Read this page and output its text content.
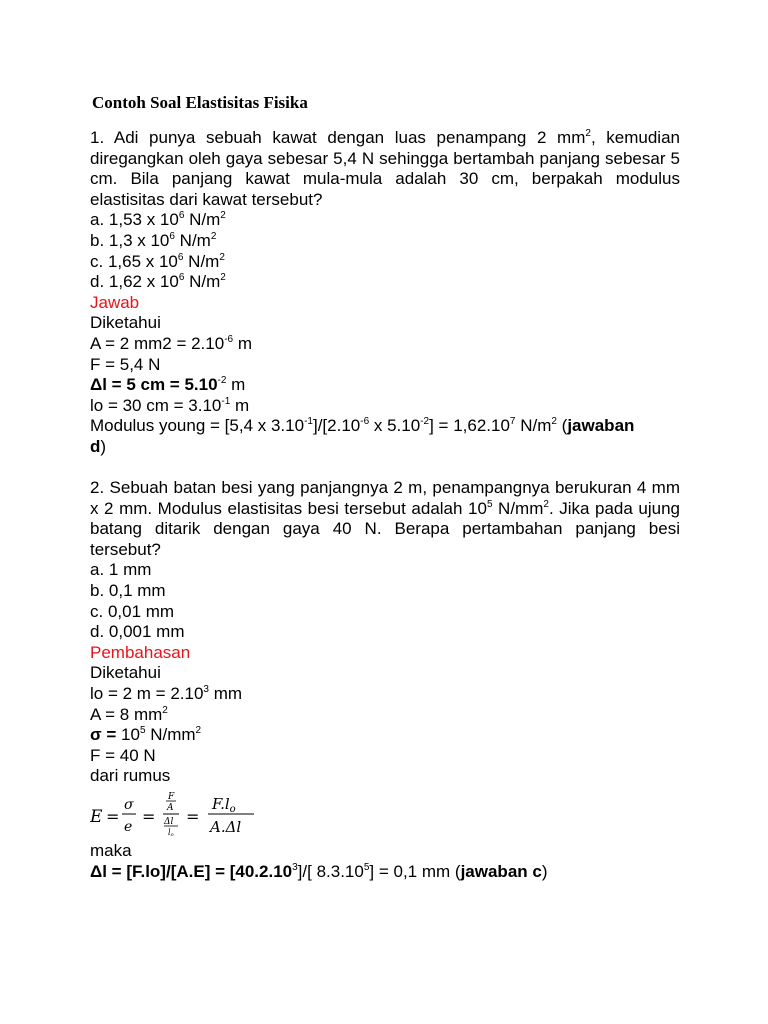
Contoh Soal Elastisitas Fisika

1. Adi punya sebuah kawat dengan luas penampang 2 $mm^2$, kemudian diregangkan oleh gaya sebesar 5,4 N sehingga bertambah panjang sebesar 5 cm. Bila panjang kawat mula-mula adalah 30 cm, berpakah modulus elastisitas dari kawat tersebut?

a. 1,53 x $10^6$ $N/m^2$

b. 1,3 x $10^6$ $N/m^2$

c. 1,65 x $10^6$ $N/m^2$

d. 1,62 x $10^6$ $N/m^2$

Jawab

Diketahui

A = 2 $mm2 = 2.10^{-6}$ m

F = 5,4 N

Δl = 5 cm = $5.10^{-2}$ m

lo = 30 cm = $3.10^{-1}$ m

Modulus young = [5,4 x $3.10^{-1}]/[2.10^{-6}$ x $5.10^{-2}] = 1,62.10^7$ $N/m^2$ (jawaban
d)

2. Sebuah batan besi yang panjangnya 2 m, penampangnya berukuran 4 mm x 2 mm. Modulus elastisitas besi tersebut adalah $10^5$ $N/mm^2$. Jika pada ujung batang ditarik dengan gaya 40 N. Berapa pertambahan panjang besi tersebut?

a. 1 mm

b. 0,1 mm

c. 0,01 mm

d. 0,001 mm

Pembahasan

Diketahui

lo = 2 $m = 2.10^3$ mm

A = 8 $mm^2$

$\sigma = 10^5$ $N/mm^2$

F = 40 N

dari rumus

E =
σ
e
=
F
A
Δl
lo
=
$F.l_o$
A.Δl

maka

$\Delta l = [F.lo]/[A.E] = [40.2.10^3]/$[ $8.3.10^5] = 0,1$ mm (jawaban c)
